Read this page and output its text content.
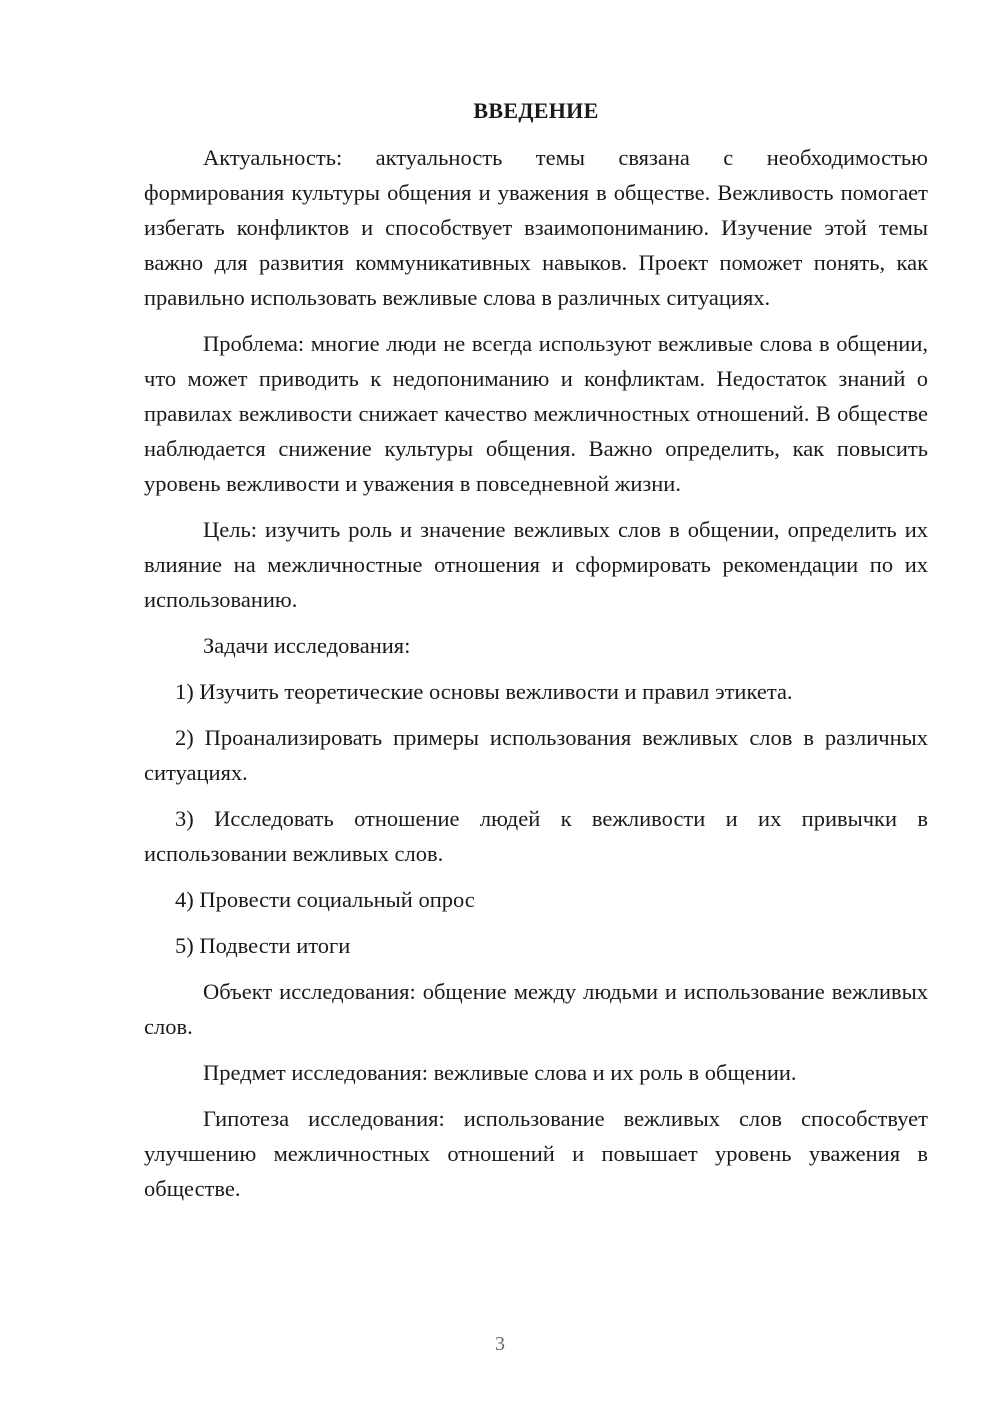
ВВЕДЕНИЕ

Актуальность: актуальность темы связана с необходимостью формирования культуры общения и уважения в обществе. Вежливость помогает избегать конфликтов и способствует взаимопониманию. Изучение этой темы важно для развития коммуникативных навыков. Проект поможет понять, как правильно использовать вежливые слова в различных ситуациях.

Проблема: многие люди не всегда используют вежливые слова в общении, что может приводить к недопониманию и конфликтам. Недостаток знаний о правилах вежливости снижает качество межличностных отношений. В обществе наблюдается снижение культуры общения. Важно определить, как повысить уровень вежливости и уважения в повседневной жизни.

Цель: изучить роль и значение вежливых слов в общении, определить их влияние на межличностные отношения и сформировать рекомендации по их использованию.

Задачи исследования:

1) Изучить теоретические основы вежливости и правил этикета.

2) Проанализировать примеры использования вежливых слов в различных ситуациях.

3) Исследовать отношение людей к вежливости и их привычки в использовании вежливых слов.

4) Провести социальный опрос

5) Подвести итоги

Объект исследования: общение между людьми и использование вежливых слов.

Предмет исследования: вежливые слова и их роль в общении.

Гипотеза исследования: использование вежливых слов способствует улучшению межличностных отношений и повышает уровень уважения в обществе.

3
